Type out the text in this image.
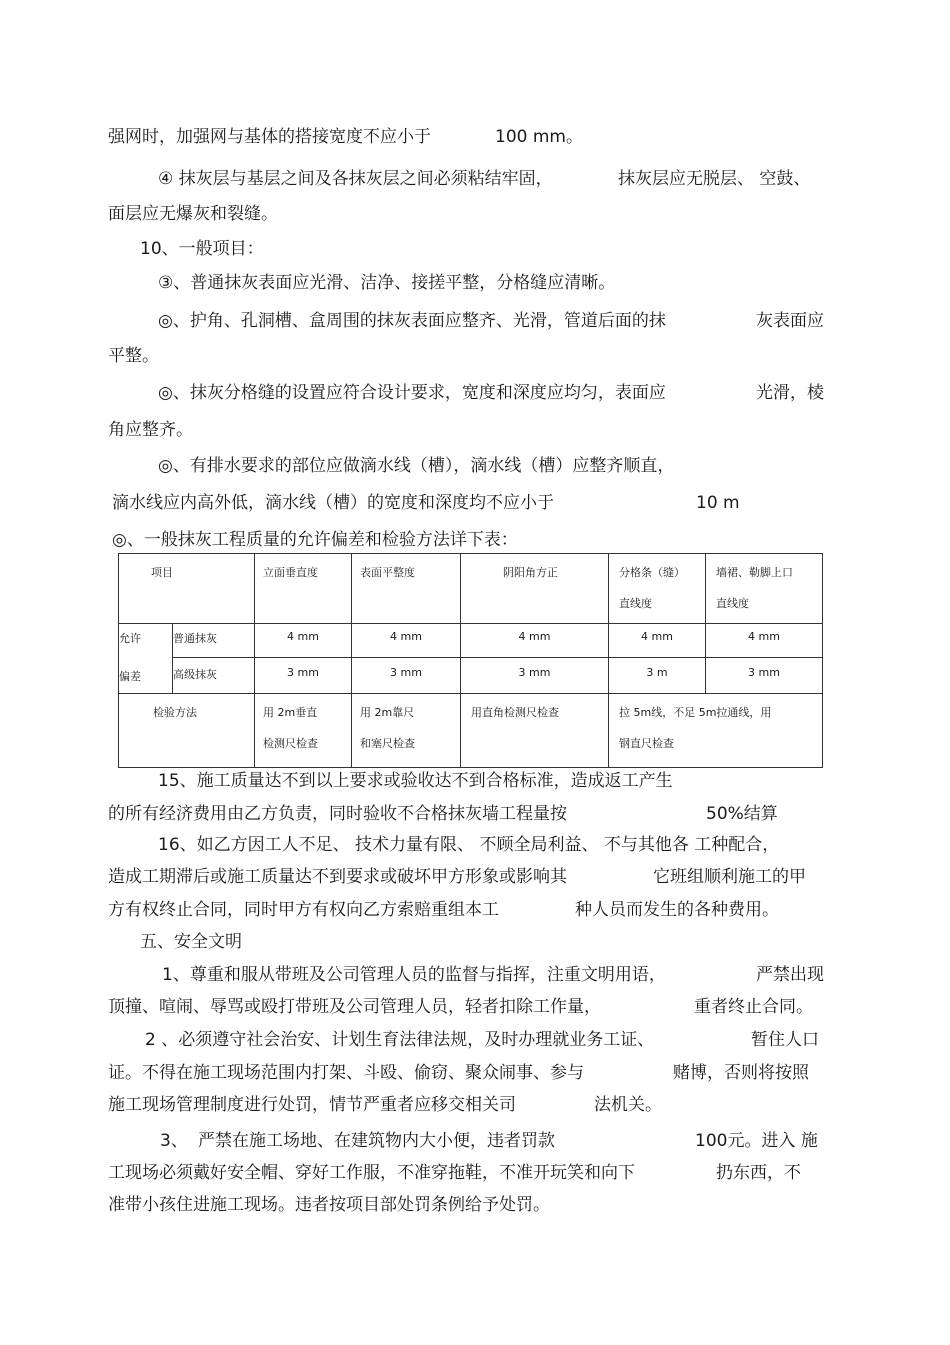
强网时，加强网与基体的搭接宽度不应小于	100 mm。
④ 抹灰层与基层之间及各抹灰层之间必须粘结牢固，	抹灰层应无脱层、 空鼓、
面层应无爆灰和裂缝。
10、一般项目：
③、普通抹灰表面应光滑、洁净、接搓平整，分格缝应清晰。
◎、护角、孔洞槽、盒周围的抹灰表面应整齐、光滑，管道后面的抹	灰表面应
平整。
◎、抹灰分格缝的设置应符合设计要求，宽度和深度应均匀，表面应	光滑，棱
角应整齐。
◎、有排水要求的部位应做滴水线（槽），滴水线（槽）应整齐顺直，
滴水线应内高外低，滴水线（槽）的宽度和深度均不应小于	10 m
◎、一般抹灰工程质量的允许偏差和检验方法详下表：
项目		立面垂直度	表面平整度	阴阳角方正	分格条（缝）
直线度	墙裙、勒脚上口
直线度

允许
偏差	普通抹灰	4 mm	4 mm	4 mm	4 mm	4 mm

	高级抹灰	3 mm	3 mm	3 mm	3 m	3 mm

检验方法		用 2m垂直
检测尺检查	用 2m靠尺
和塞尺检查	用直角检测尺检查	拉 5m线，不足 5m拉通线，用
钢直尺检查	
15、施工质量达不到以上要求或验收达不到合格标准，造成返工产生
的所有经济费用由乙方负责，同时验收不合格抹灰墙工程量按	50%结算
16、如乙方因工人不足、 技术力量有限、 不顾全局利益、 不与其他各 工种配合，
造成工期滞后或施工质量达不到要求或破坏甲方形象或影响其	它班组顺利施工的甲
方有权终止合同，同时甲方有权向乙方索赔重组本工	种人员而发生的各种费用。
五、安全文明
1、尊重和服从带班及公司管理人员的监督与指挥，注重文明用语，	严禁出现
顶撞、喧闹、辱骂或殴打带班及公司管理人员，轻者扣除工作量，	重者终止合同。
2 、必须遵守社会治安、计划生育法律法规，及时办理就业务工证、	暂住人口
证。不得在施工现场范围内打架、斗殴、偷窃、聚众闹事、参与	赌博，否则将按照
施工现场管理制度进行处罚，情节严重者应移交相关司	法机关。
3、 严禁在施工场地、在建筑物内大小便，违者罚款	100元。进入 施
工现场必须戴好安全帽、穿好工作服，不准穿拖鞋，不准开玩笑和向下	扔东西，不
准带小孩住进施工现场。违者按项目部处罚条例给予处罚。
